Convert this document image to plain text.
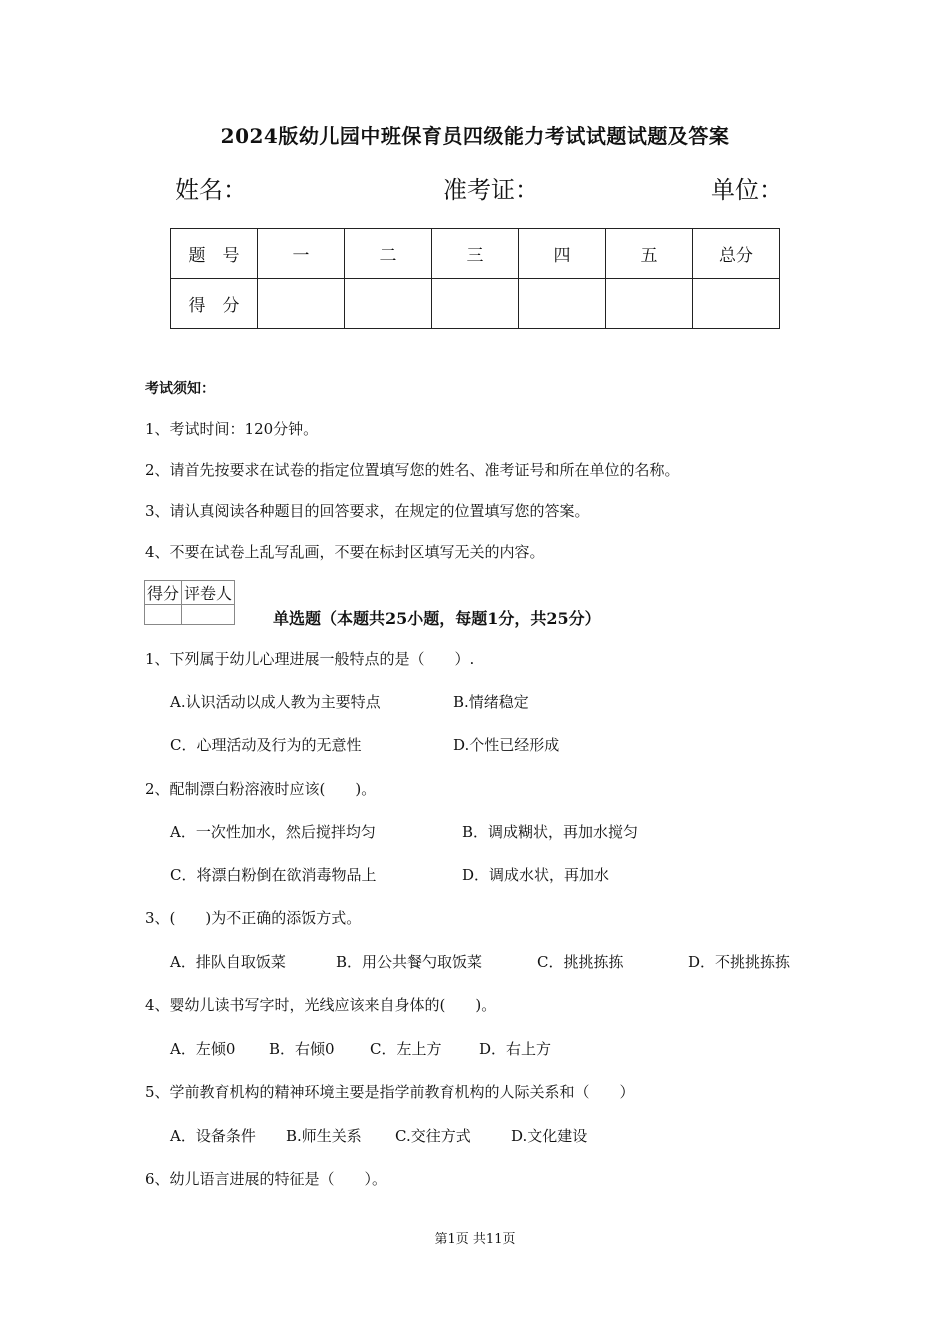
2024版幼儿园中班保育员四级能力考试试题试题及答案
姓名：	准考证：	单位：
题　号	一	二	三	四	五	总分
得　分						
考试须知：
1、考试时间：120分钟。
2、请首先按要求在试卷的指定位置填写您的姓名、准考证号和所在单位的名称。
3、请认真阅读各种题目的回答要求，在规定的位置填写您的答案。
4、不要在试卷上乱写乱画，不要在标封区填写无关的内容。
得分	评卷人

单选题（本题共25小题，每题1分，共25分）
1、下列属于幼儿心理进展一般特点的是（　　）.
A.认识活动以成人教为主要特点	B.情绪稳定
C．心理活动及行为的无意性	D.个性已经形成
2、配制漂白粉溶液时应该(　　)。
A．一次性加水，然后搅拌均匀	B．调成糊状，再加水搅匀
C．将漂白粉倒在欲消毒物品上	D．调成水状，再加水
3、(　　)为不正确的添饭方式。
A．排队自取饭菜	B．用公共餐勺取饭菜	C．挑挑拣拣	D．不挑挑拣拣
4、婴幼儿读书写字时，光线应该来自身体的(　　)。
A．左倾0 B．右倾0 C．左上方	D．右上方
5、学前教育机构的精神环境主要是指学前教育机构的人际关系和（　　）
A．设备条件 B.师生关系 C.交往方式	D.文化建设
6、幼儿语言进展的特征是（　　）。
第1页 共11页
